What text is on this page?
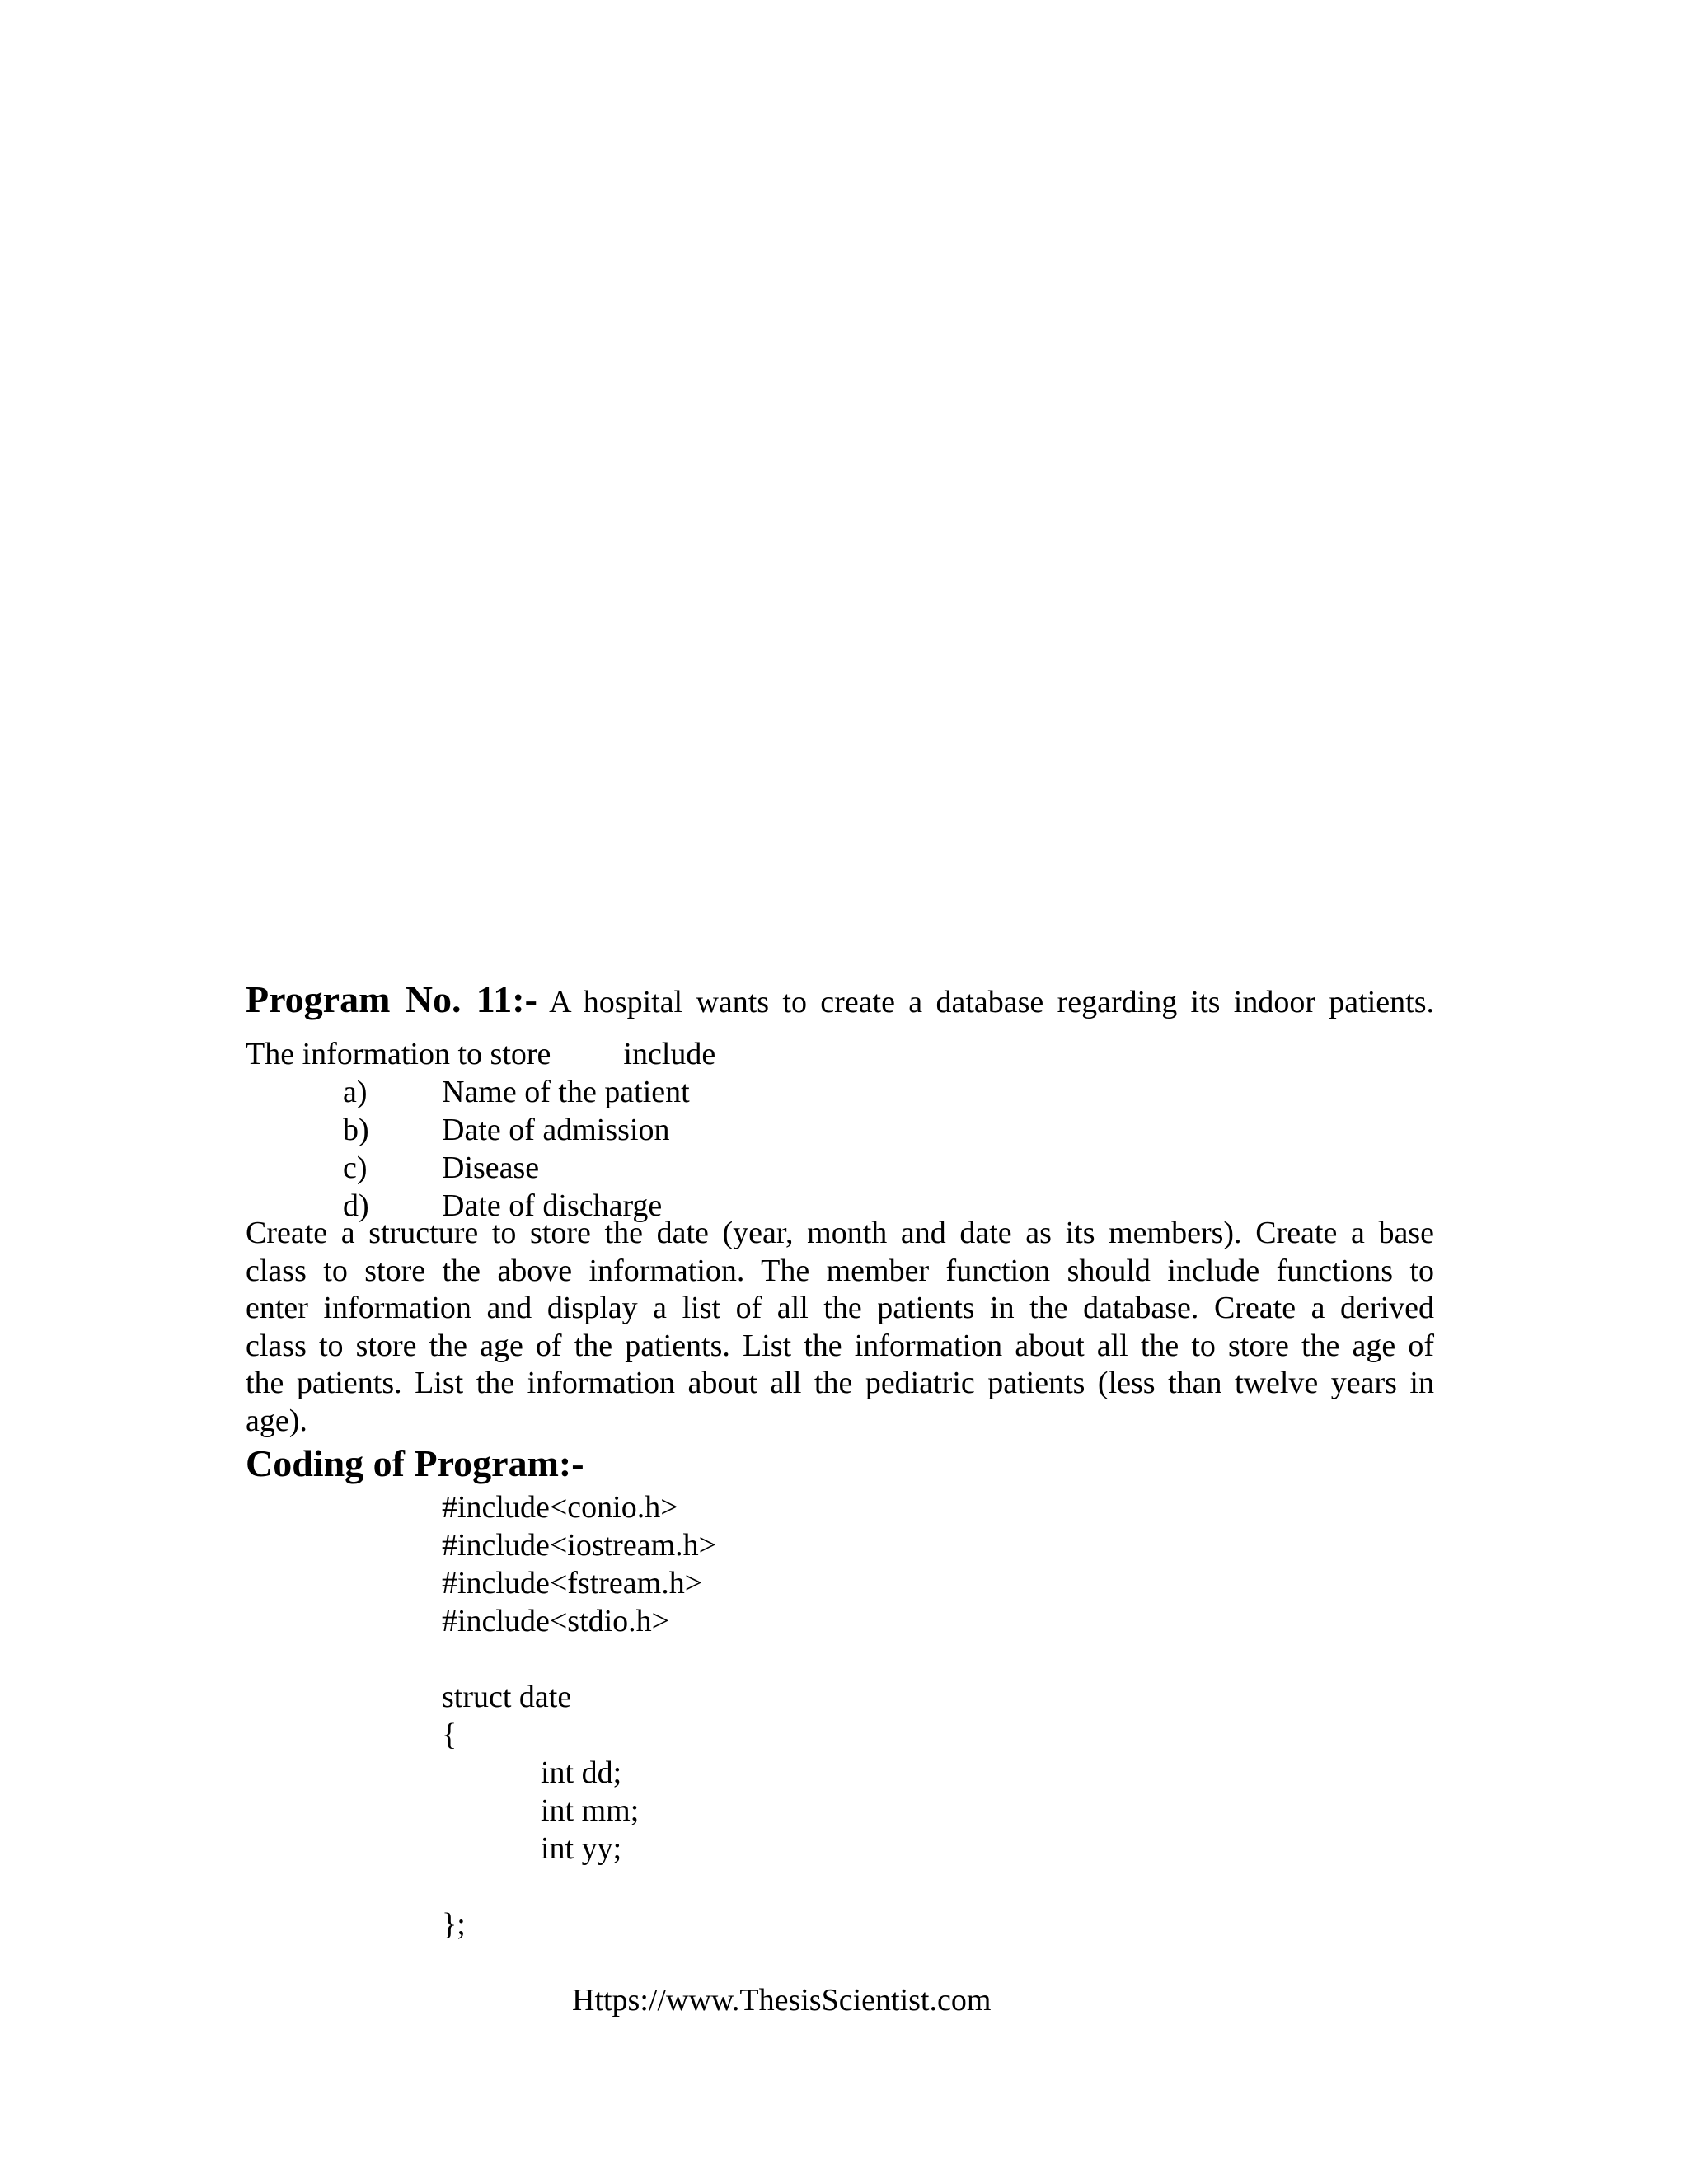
Program No. 11:- A hospital wants to create a database regarding its indoor patients.
The information to store include
a)	Name of the patient
b)	Date of admission
c)	Disease
d)	Date of discharge
Create a structure to store the date (year, month and date as its members). Create a base
class to store the above information. The member function should include functions to
enter information and display a list of all the patients in the database. Create a derived
class to store the age of the patients. List the information about all the to store the age of
the patients. List the information about all the pediatric patients (less than twelve years in
age).
Coding of Program:-
#include<conio.h>
#include<iostream.h>
#include<fstream.h>
#include<stdio.h>
struct date
{
int dd;
int mm;
int yy;
};
Https://www.ThesisScientist.com
